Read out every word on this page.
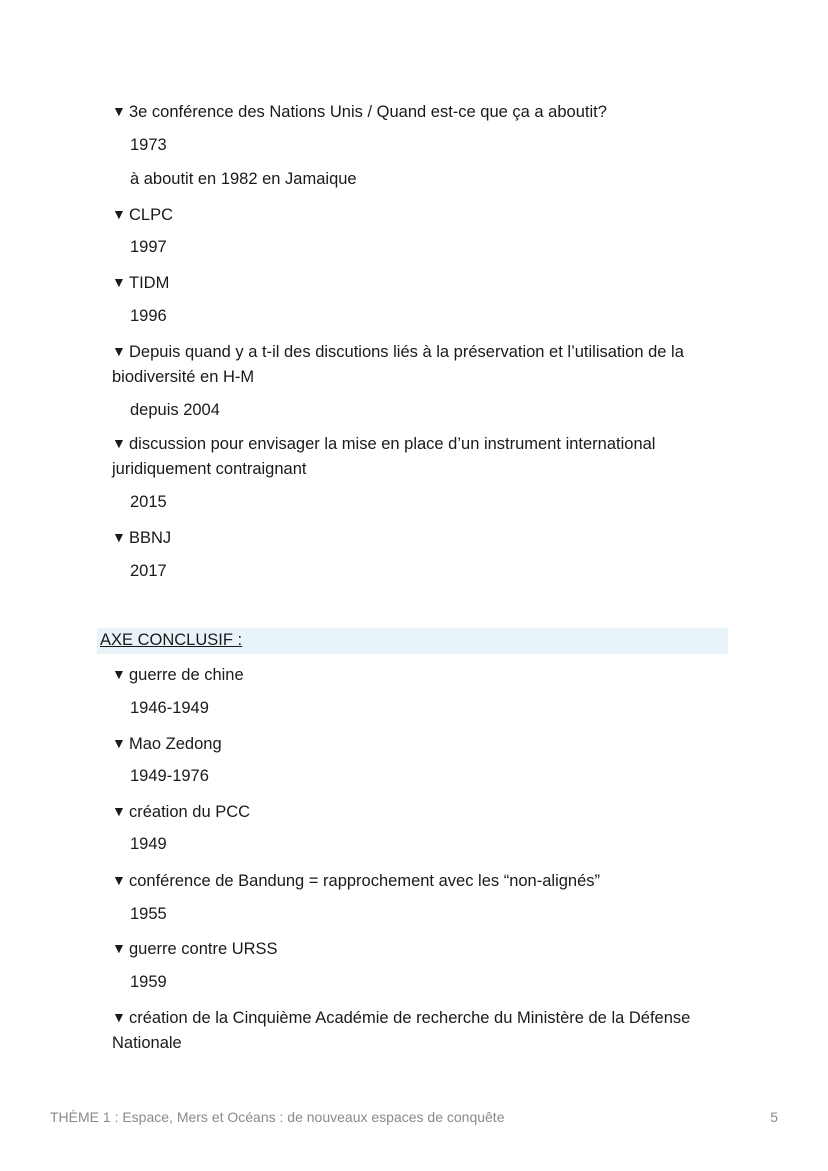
▼ 3e conférence des Nations Unis / Quand est-ce que ça a aboutit?
1973
à aboutit en 1982 en Jamaique
▼ CLPC
1997
▼ TIDM
1996
▼ Depuis quand y a t-il des discutions liés à la préservation et l’utilisation de la biodiversité en H-M
depuis 2004
▼ discussion pour envisager la mise en place d’un instrument international juridiquement contraignant
2015
▼ BBNJ
2017
AXE CONCLUSIF :
▼ guerre de chine
1946-1949
▼ Mao Zedong
1949-1976
▼ création du PCC
1949
▼ conférence de Bandung = rapprochement avec les “non-alignés”
1955
▼ guerre contre URSS
1959
▼ création de la Cinquième Académie de recherche du Ministère de la Défense Nationale
THÈME 1 : Espace, Mers et Océans : de nouveaux espaces de conquête	5
